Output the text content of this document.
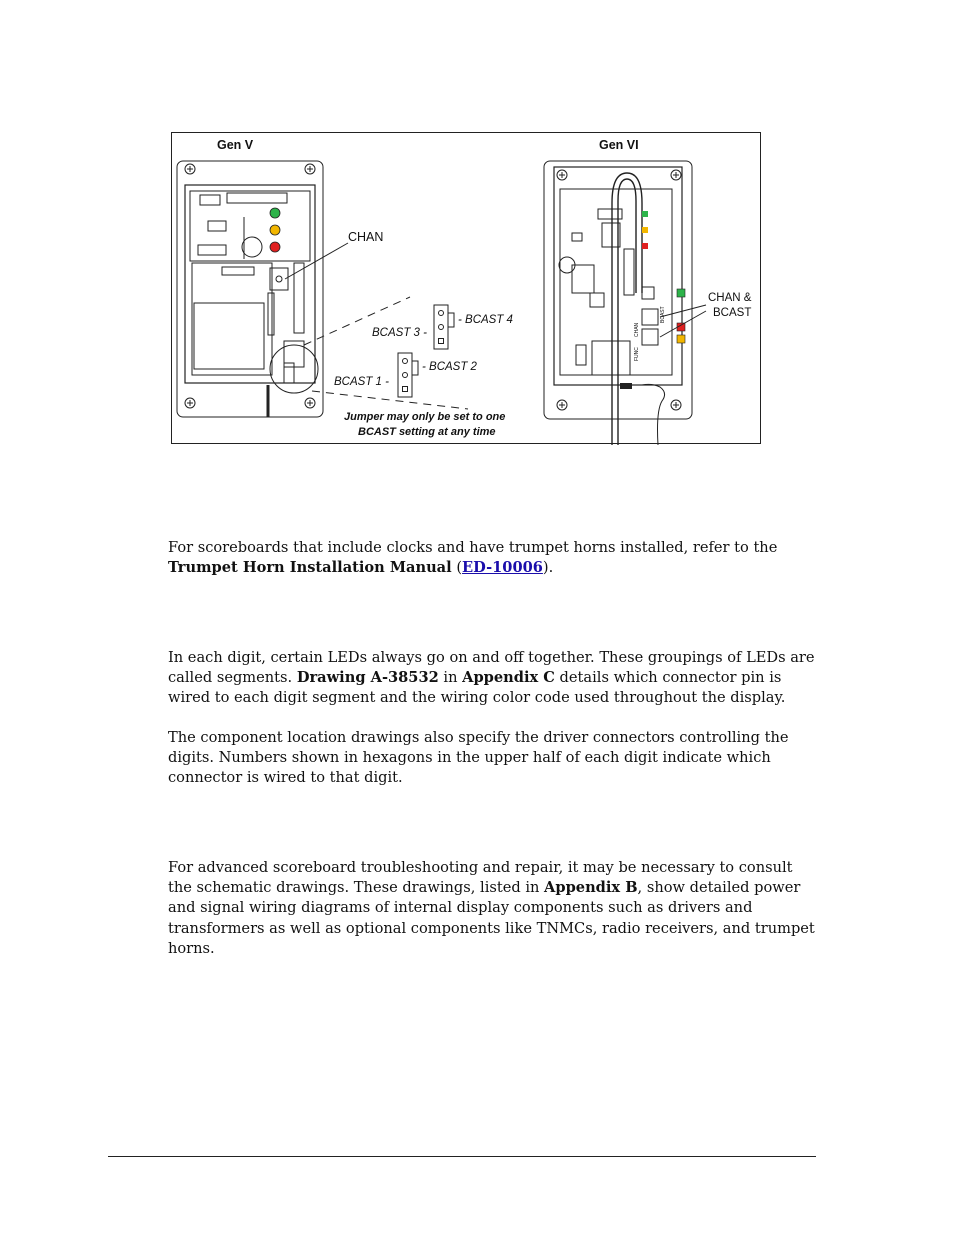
Gen V	Gen VI
CHAN
CHAN &
BCAST
- BCAST 4
BCAST 3 -
- BCAST 2
BCAST 1 -
Jumper may only be set to one
BCAST setting at any time
CHAN
FUNC
BCAST

For scoreboards that include clocks and have trumpet horns installed, refer to the Trumpet Horn Installation Manual (ED-10006).

In each digit, certain LEDs always go on and off together. These groupings of LEDs are called segments. Drawing A-38532 in Appendix C details which connector pin is wired to each digit segment and the wiring color code used throughout the display.

The component location drawings also specify the driver connectors controlling the digits. Numbers shown in hexagons in the upper half of each digit indicate which connector is wired to that digit.

For advanced scoreboard troubleshooting and repair, it may be necessary to consult the schematic drawings. These drawings, listed in Appendix B, show detailed power and signal wiring diagrams of internal display components such as drivers and transformers as well as optional components like TNMCs, radio receivers, and trumpet horns.
